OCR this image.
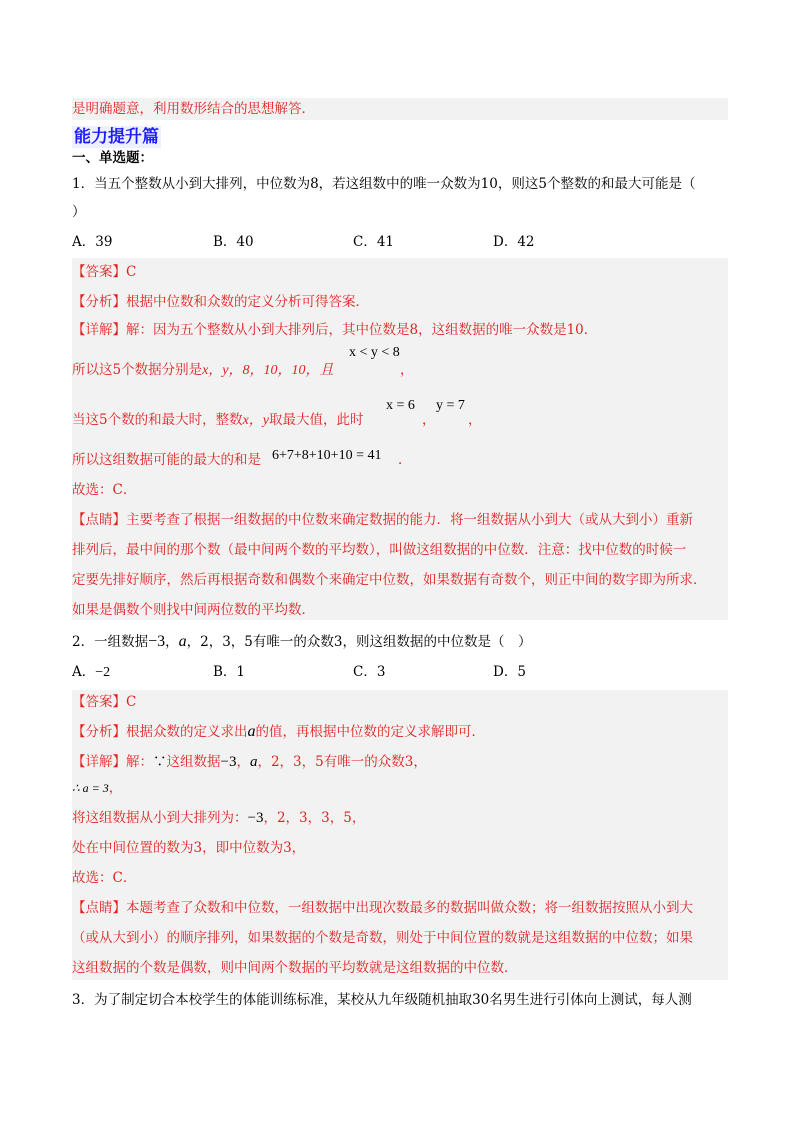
是明确题意，利用数形结合的思想解答．
能力提升篇
一、单选题：
1．当五个整数从小到大排列，中位数为8，若这组数中的唯一众数为10，则这5个整数的和最大可能是（
）
A．39	B．40	C．41	D．42
【答案】C
【分析】根据中位数和众数的定义分析可得答案．
【详解】解：因为五个整数从小到大排列后，其中位数是8，这组数据的唯一众数是10．
所以这5个数据分别是x，y，8，10，10，且
x < y < 8
，
当这5个数的和最大时，整数x，y取最大值，此时
x = 6
，
y = 7
，
所以这组数据可能的最大的和是 6+7+8+10+10 = 41 ．
故选：C．
【点睛】主要考查了根据一组数据的中位数来确定数据的能力．将一组数据从小到大（或从大到小）重新
排列后，最中间的那个数（最中间两个数的平均数），叫做这组数据的中位数．注意：找中位数的时候一
定要先排好顺序，然后再根据奇数和偶数个来确定中位数，如果数据有奇数个，则正中间的数字即为所求．
如果是偶数个则找中间两位数的平均数．
2．一组数据−3，a，2，3，5有唯一的众数3，则这组数据的中位数是（　）
A．−2	B．1	C．3	D．5
【答案】C
【分析】根据众数的定义求出a的值，再根据中位数的定义求解即可．
【详解】解：∵这组数据−3，a，2，3，5有唯一的众数3，
∴ a = 3，
将这组数据从小到大排列为：−3，2，3，3，5，
处在中间位置的数为3，即中位数为3，
故选：C．
【点睛】本题考查了众数和中位数，一组数据中出现次数最多的数据叫做众数；将一组数据按照从小到大
（或从大到小）的顺序排列，如果数据的个数是奇数，则处于中间位置的数就是这组数据的中位数；如果
这组数据的个数是偶数，则中间两个数据的平均数就是这组数据的中位数．
3．为了制定切合本校学生的体能训练标准，某校从九年级随机抽取30名男生进行引体向上测试，每人测
